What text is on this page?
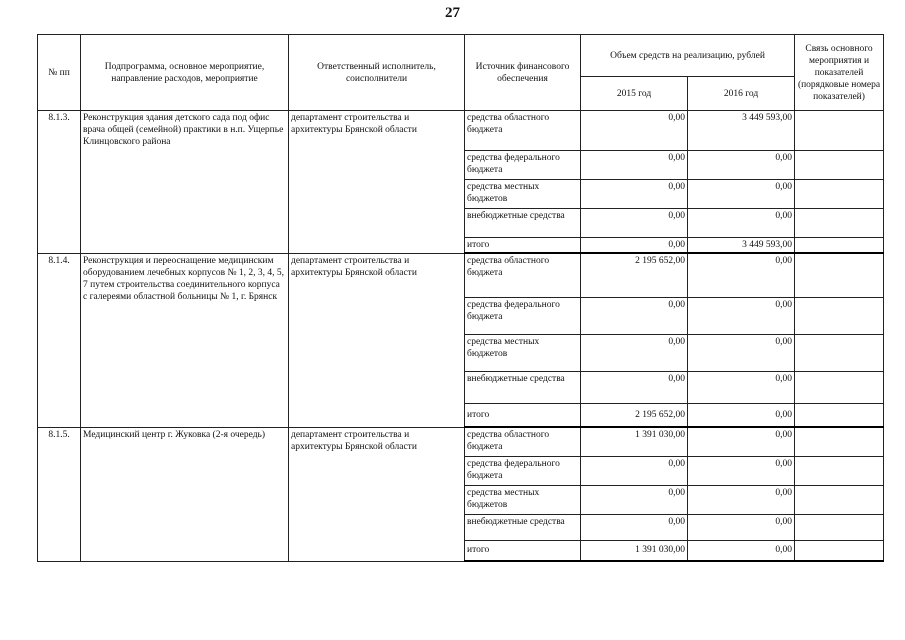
27
№ пп	Подпрограмма, основное мероприятие, направление расходов, мероприятие	Ответственный исполнитель, соисполнители	Источник финансового обеспечения	Объем средств на реализацию, рублей		Связь основного мероприятия и показателей (порядковые номера показателей)
				2015 год	2016 год	
8.1.3.	Реконструкция здания детского сада под офис врача общей (семейной) практики в н.п. Ущерпье Клинцовского района	департамент строительства и архитектуры Брянской области	средства областного бюджета	0,00	3 449 593,00	
			средства федерального бюджета	0,00	0,00	
			средства местных бюджетов	0,00	0,00	
			внебюджетные средства	0,00	0,00	
			итого	0,00	3 449 593,00	
8.1.4.	Реконструкция и переоснащение медицинским оборудованием лечебных корпусов № 1, 2, 3, 4, 5, 7 путем строительства соединительного корпуса с галереями областной больницы № 1, г. Брянск	департамент строительства и архитектуры Брянской области	средства областного бюджета	2 195 652,00	0,00	
			средства федерального бюджета	0,00	0,00	
			средства местных бюджетов	0,00	0,00	
			внебюджетные средства	0,00	0,00	
			итого	2 195 652,00	0,00	
8.1.5.	Медицинский центр г. Жуковка (2-я очередь)	департамент строительства и архитектуры Брянской области	средства областного бюджета	1 391 030,00	0,00	
			средства федерального бюджета	0,00	0,00	
			средства местных бюджетов	0,00	0,00	
			внебюджетные средства	0,00	0,00	
			итого	1 391 030,00	0,00	
